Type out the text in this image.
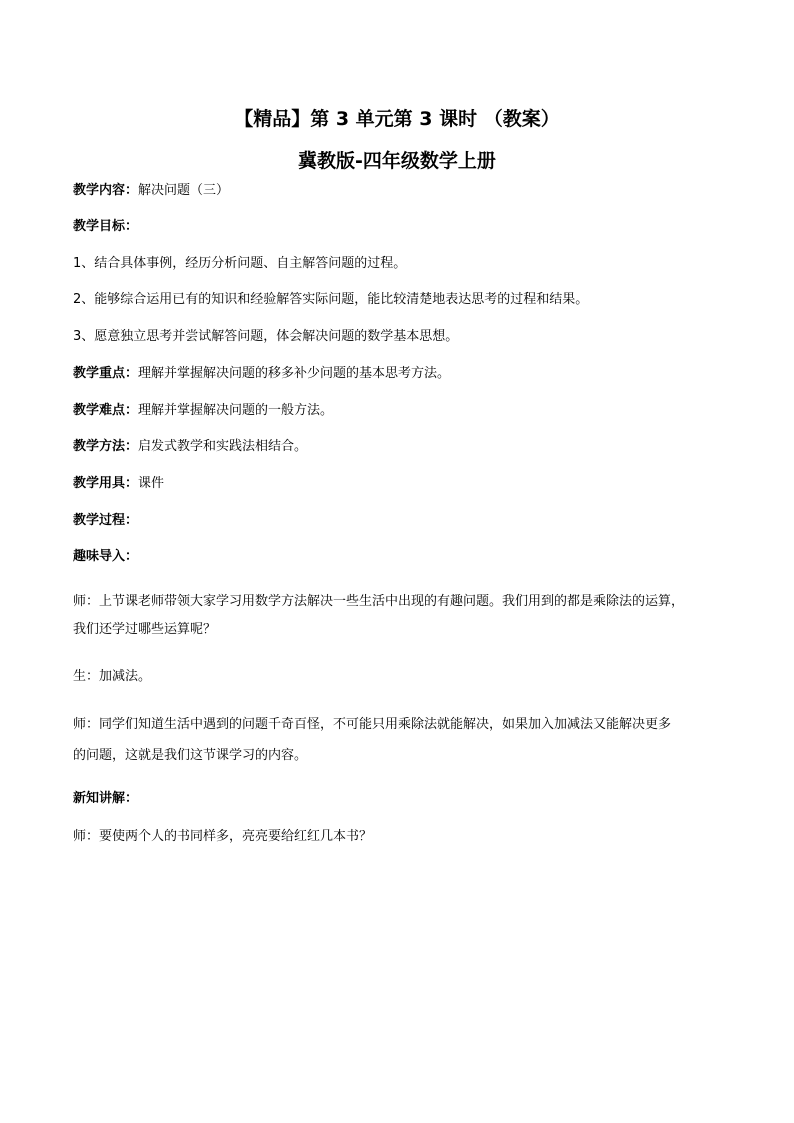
【精品】第 3 单元第 3 课时 （教案）
冀教版-四年级数学上册
教学内容：解决问题（三）
教学目标：
1、结合具体事例，经历分析问题、自主解答问题的过程。
2、能够综合运用已有的知识和经验解答实际问题，能比较清楚地表达思考的过程和结果。
3、愿意独立思考并尝试解答问题，体会解决问题的数学基本思想。
教学重点：理解并掌握解决问题的移多补少问题的基本思考方法。
教学难点：理解并掌握解决问题的一般方法。
教学方法：启发式教学和实践法相结合。
教学用具：课件
教学过程：
趣味导入：
师：上节课老师带领大家学习用数学方法解决一些生活中出现的有趣问题。我们用到的都是乘除法的运算，
我们还学过哪些运算呢？
生：加减法。
师：同学们知道生活中遇到的问题千奇百怪，不可能只用乘除法就能解决，如果加入加减法又能解决更多
的问题，这就是我们这节课学习的内容。
新知讲解：
师：要使两个人的书同样多，亮亮要给红红几本书？
